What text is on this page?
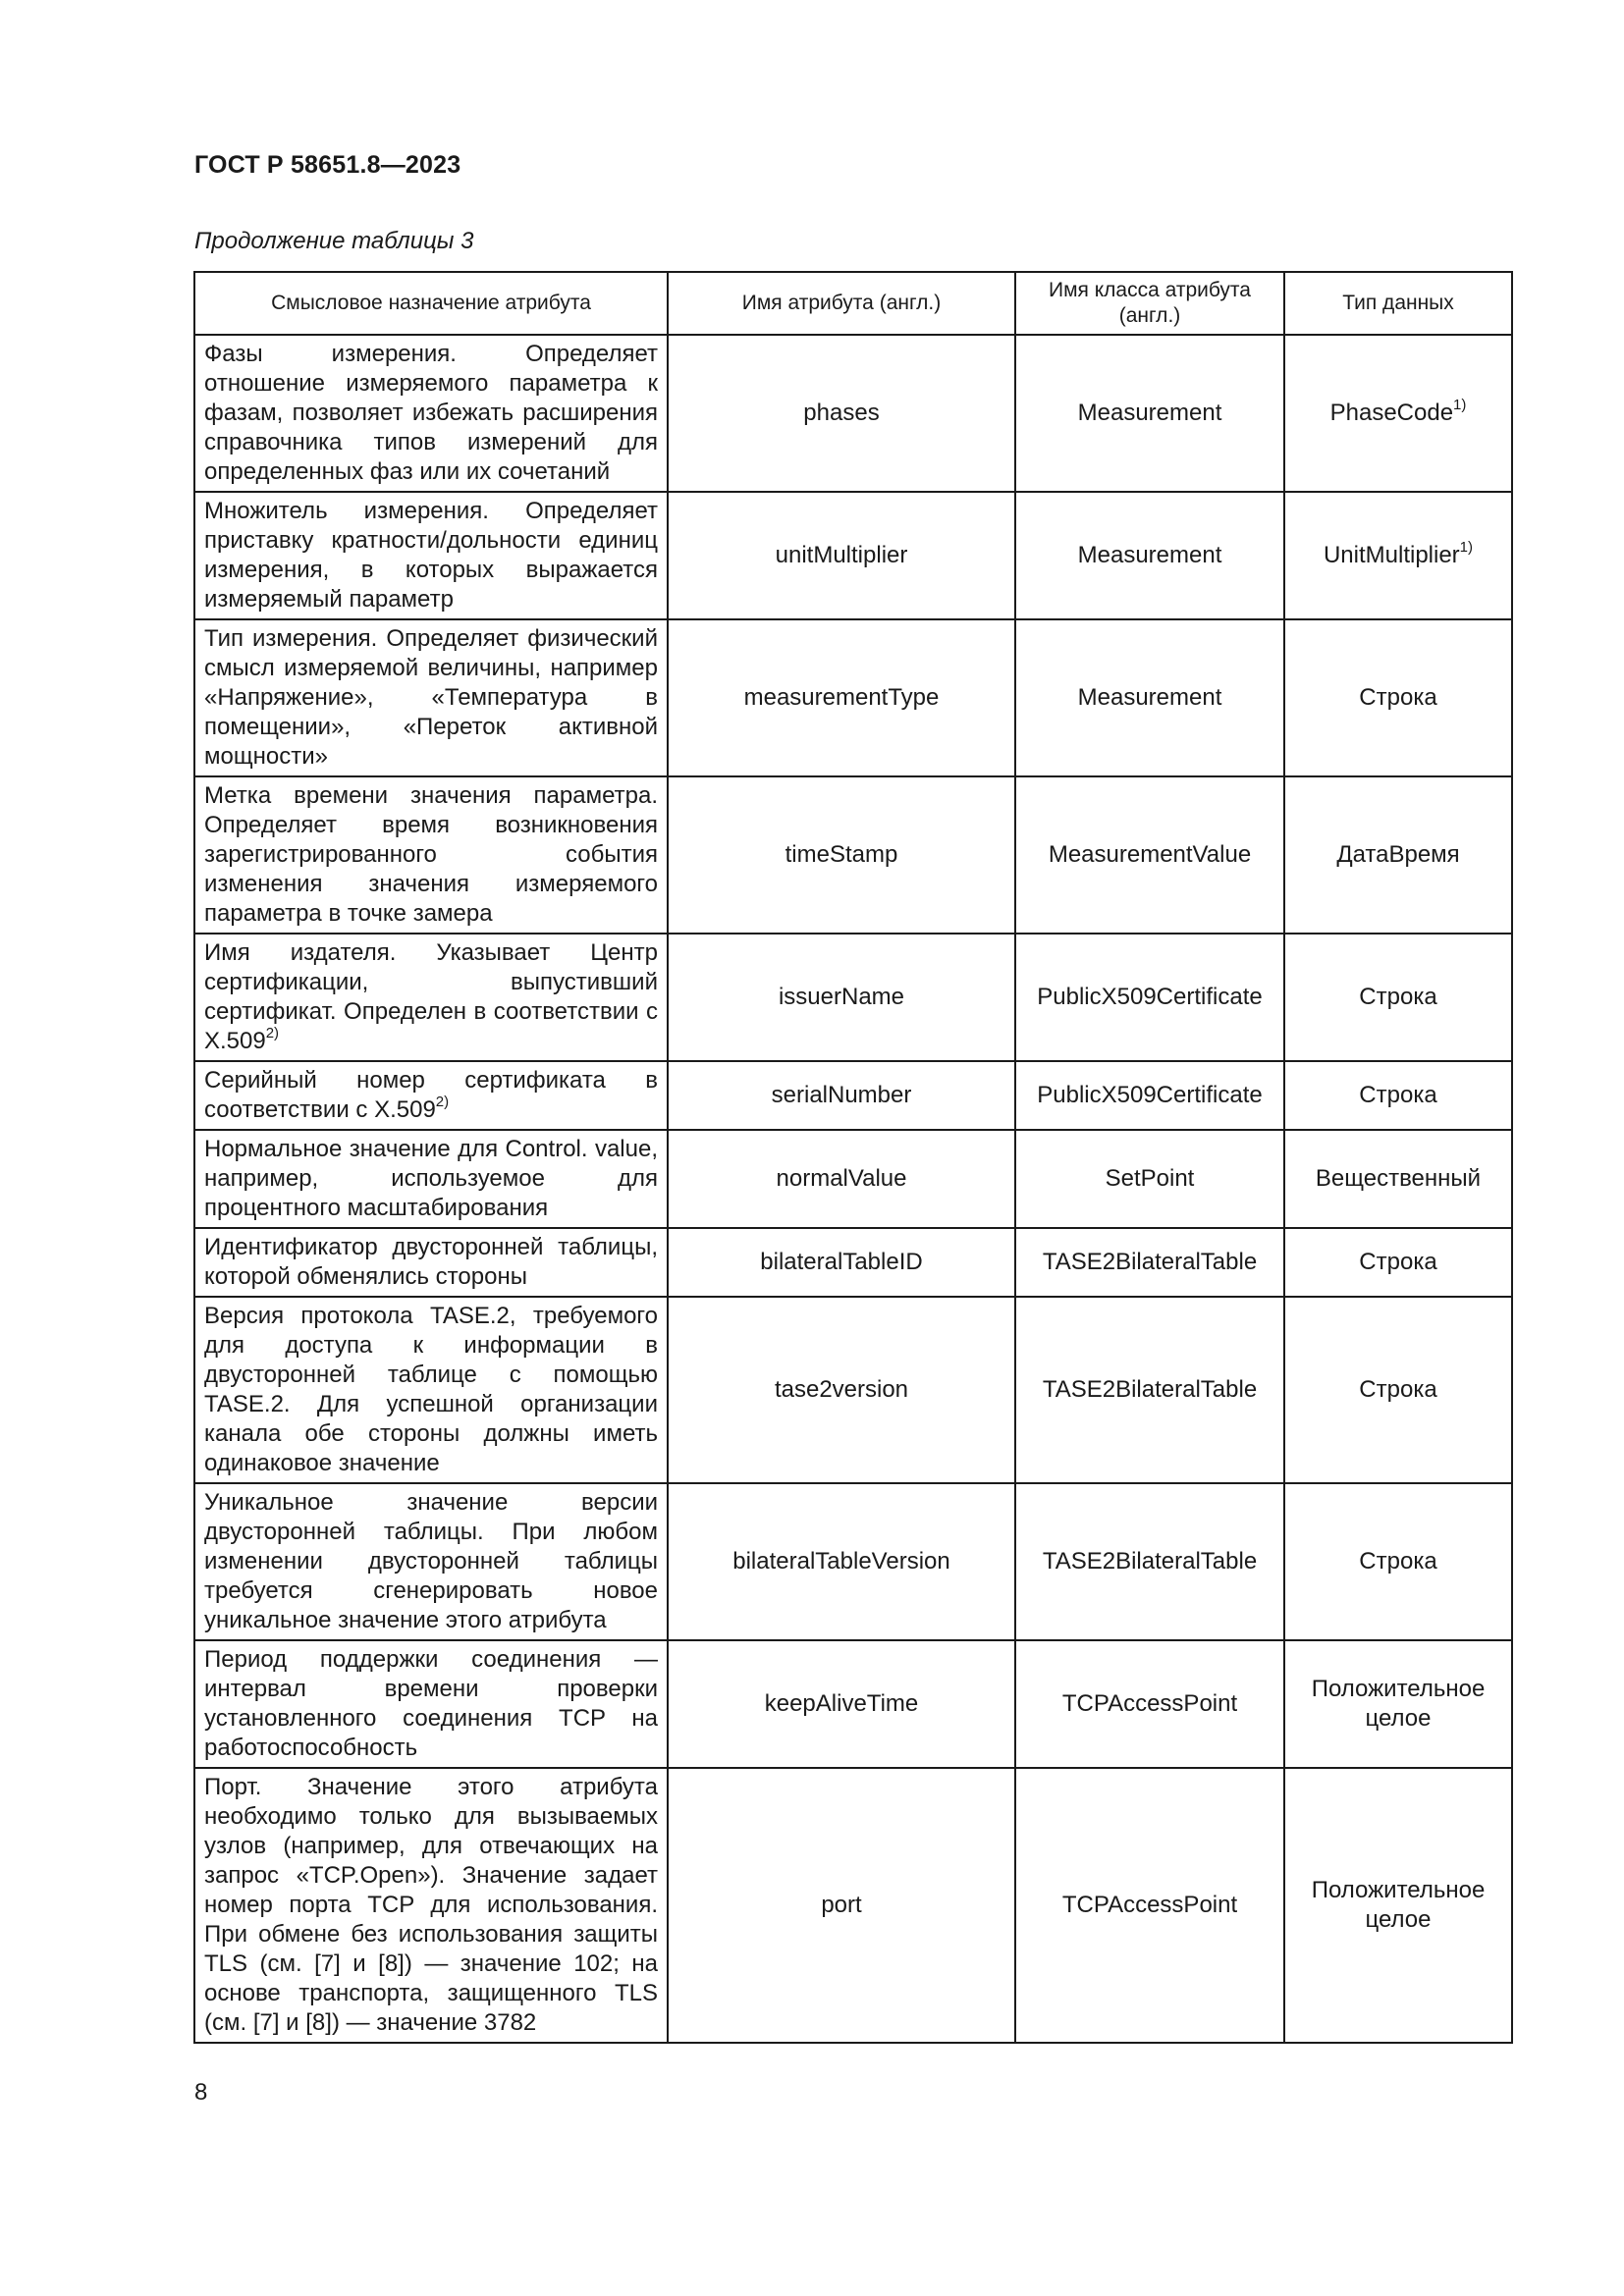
ГОСТ Р 58651.8—2023
Продолжение таблицы 3
Смысловое назначение атрибута	Имя атрибута (англ.)	Имя класса атрибута (англ.)	Тип данных
Фазы измерения. Определяет отношение измеряемого параметра к фазам, позволяет избежать расширения справочника типов измерений для определенных фаз или их сочетаний	phases	Measurement	PhaseCode$^{1)}$
Множитель измерения. Определяет приставку кратности/дольности единиц измерения, в которых выражается измеряемый параметр	unitMultiplier	Measurement	UnitMultiplier$^{1)}$
Тип измерения. Определяет физический смысл измеряемой величины, например «Напряжение», «Температура в помещении», «Переток активной мощности»	measurementType	Measurement	Строка
Метка времени значения параметра. Определяет время возникновения зарегистрированного события изменения значения измеряемого параметра в точке замера	timeStamp	MeasurementValue	ДатаВремя
Имя издателя. Указывает Центр сертификации, выпустивший сертификат. Определен в соответствии с X.509$^{2)}$	issuerName	PublicX509Certificate	Строка
Серийный номер сертификата в соответствии с X.509$^{2)}$	serialNumber	PublicX509Certificate	Строка
Нормальное значение для Control. value, например, используемое для процентного масштабирования	normalValue	SetPoint	Вещественный
Идентификатор двусторонней таблицы, которой обменялись стороны	bilateralTableID	TASE2BilateralTable	Строка
Версия протокола TASE.2, требуемого для доступа к информации в двусторонней таблице с помощью TASE.2. Для успешной организации канала обе стороны должны иметь одинаковое значение	tase2version	TASE2BilateralTable	Строка
Уникальное значение версии двусторонней таблицы. При любом изменении двусторонней таблицы требуется сгенерировать новое уникальное значение этого атрибута	bilateralTableVersion	TASE2BilateralTable	Строка
Период поддержки соединения — интервал времени проверки установленного соединения TCP на работоспособность	keepAliveTime	TCPAccessPoint	Положительное целое
Порт. Значение этого атрибута необходимо только для вызываемых узлов (например, для отвечающих на запрос «TCP.Open»). Значение задает номер порта TCP для использования. При обмене без использования защиты TLS (см. [7] и [8]) — значение 102; на основе транспорта, защищенного TLS (см. [7] и [8]) — значение 3782	port	TCPAccessPoint	Положительное целое
8
